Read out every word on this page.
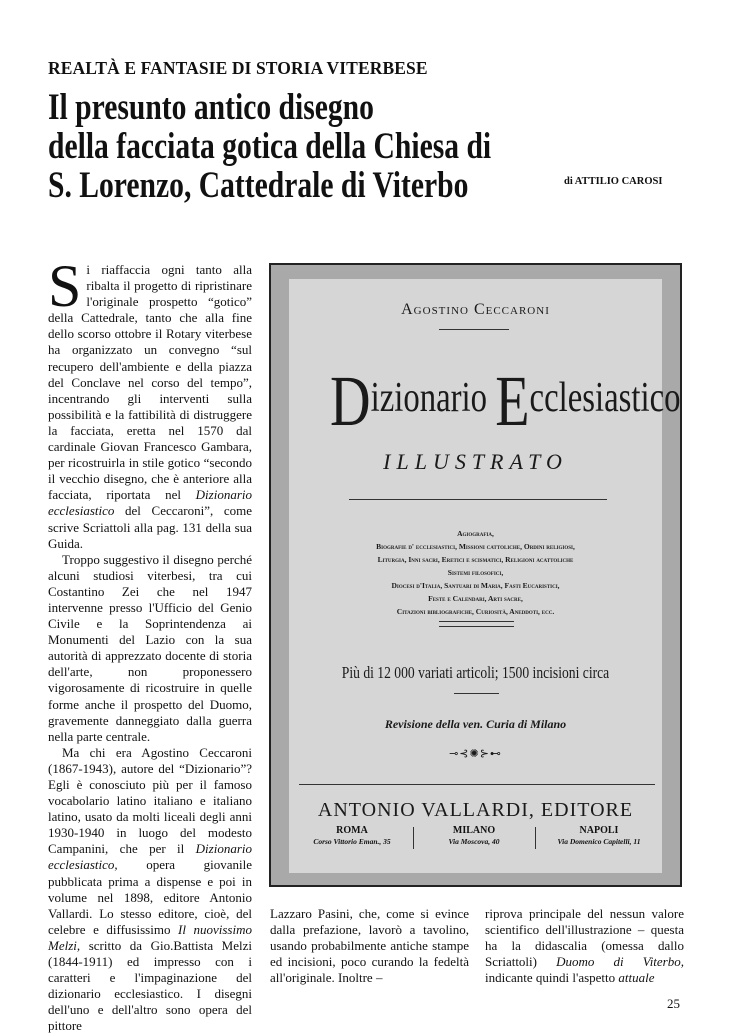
REALTÀ E FANTASIE DI STORIA VITERBESE
Il presunto antico disegno
della facciata gotica della Chiesa di
S. Lorenzo, Cattedrale di Viterbo	di ATTILIO CAROSI

Si riaffaccia ogni tanto alla ribalta il progetto di ripristinare l'originale prospetto “gotico” della Cattedrale, tanto che alla fine dello scorso ottobre il Rotary viterbese ha organizzato un convegno “sul recupero dell'ambiente e della piazza del Conclave nel corso del tempo”, incentrando gli interventi sulla possibilità e la fattibilità di distruggere la facciata, eretta nel 1570 dal cardinale Giovan Francesco Gambara, per ricostruirla in stile gotico “secondo il vecchio disegno, che è anteriore alla facciata, riportata nel Dizionario ecclesiastico del Ceccaroni”, come scrive Scriattoli alla pag. 131 della sua Guida.

Troppo suggestivo il disegno perché alcuni studiosi viterbesi, tra cui Costantino Zei che nel 1947 intervenne presso l'Ufficio del Genio Civile e la Soprintendenza ai Monumenti del Lazio con la sua autorità di apprezzato docente di storia dell'arte, non proponessero vigorosamente di ricostruire in quelle forme anche il prospetto del Duomo, gravemente danneggiato dalla guerra nella parte centrale.

Ma chi era Agostino Ceccaroni (1867-1943), autore del “Dizionario”? Egli è conosciuto più per il famoso vocabolario latino italiano e italiano latino, usato da molti liceali degli anni 1930-1940 in luogo del modesto Campanini, che per il Dizionario ecclesiastico, opera giovanile pubblicata prima a dispense e poi in volume nel 1898, editore Antonio Vallardi. Lo stesso editore, cioè, del celebre e diffusissimo Il nuovissimo Melzi, scritto da Gio.Battista Melzi (1844-1911) ed impresso con i caratteri e l'impaginazione del dizionario ecclesiastico. I disegni dell'uno e dell'altro sono opera del pittore

Agostino Ceccaroni
Dizionario Ecclesiastico
ILLUSTRATO
Agiografia,
Biografie d' ecclesiastici, Missioni cattoliche, Ordini religiosi,
Liturgia, Inni sacri, Eretici e scismatici, Religioni acattoliche
Sistemi filosofici,
Diocesi d'Italia, Santuari di Maria, Fasti Eucaristici,
Feste e Calendari, Arti sacre,
Citazioni bibliografiche, Curiosità, Aneddoti, ecc.
Più di 12 000 variati articoli; 1500 incisioni circa
Revisione della ven. Curia di Milano
⊸⊰✺⊱⊷
ANTONIO VALLARDI, EDITORE
ROMA
Corso Vittorio Eman., 35
MILANO
Via Moscova, 40
NAPOLI
Via Domenico Capitelli, 11

Lazzaro Pasini, che, come si evince dalla prefazione, lavorò a tavolino, usando probabilmente antiche stampe ed incisioni, poco curando la fedeltà all'originale. Inoltre –

riprova principale del nessun valore scientifico dell'illustrazione – questa ha la didascalia (omessa dallo Scriattoli) Duomo di Viterbo, indicante quindi l'aspetto attuale

25
